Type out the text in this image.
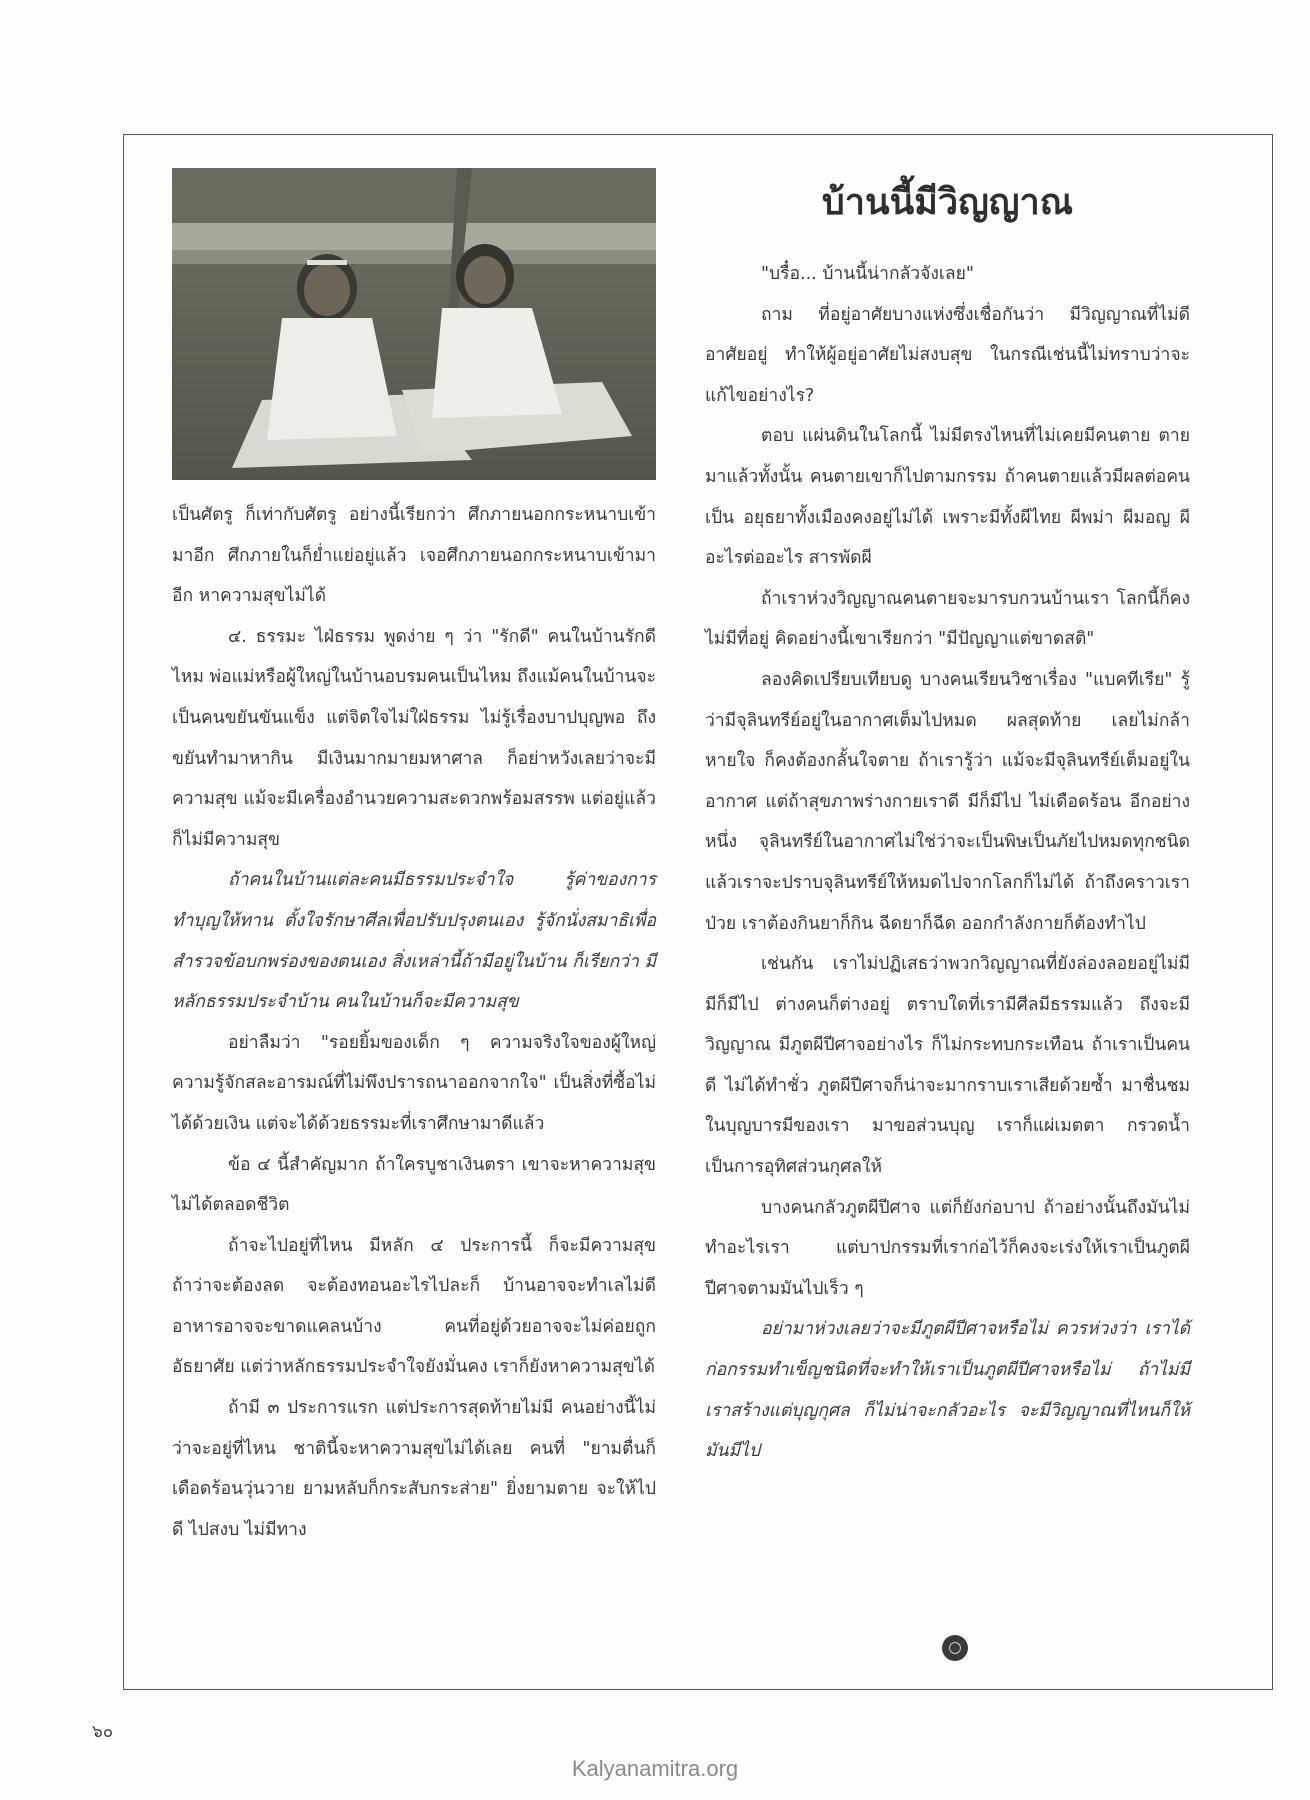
บ้านนี้มีวิญญาณ

เป็นศัตรู ก็เท่ากับศัตรู อย่างนี้เรียกว่า ศึกภายนอกกระหนาบเข้ามาอีก ศึกภายในก็ย่ำแย่อยู่แล้ว เจอศึกภายนอกกระหนาบเข้ามาอีก หาความสุขไม่ได้

๔. ธรรมะ ไฝ่ธรรม พูดง่าย ๆ ว่า "รักดี" คนในบ้านรักดีไหม พ่อแม่หรือผู้ใหญ่ในบ้านอบรมคนเป็นไหม ถึงแม้คนในบ้านจะเป็นคนขยันขันแข็ง แต่จิตใจไม่ใฝ่ธรรม ไม่รู้เรื่องบาปบุญพอ ถึงขยันทำมาหากิน มีเงินมากมายมหาศาล ก็อย่าหวังเลยว่าจะมีความสุข แม้จะมีเครื่องอำนวยความสะดวกพร้อมสรรพ แต่อยู่แล้วก็ไม่มีความสุข

ถ้าคนในบ้านแต่ละคนมีธรรมประจำใจ รู้ค่าของการทำบุญให้ทาน ตั้งใจรักษาศีลเพื่อปรับปรุงตนเอง รู้จักนั่งสมาธิเพื่อสำรวจข้อบกพร่องของตนเอง สิ่งเหล่านี้ถ้ามีอยู่ในบ้าน ก็เรียกว่า มีหลักธรรมประจำบ้าน คนในบ้านก็จะมีความสุข

อย่าลืมว่า "รอยยิ้มของเด็ก ๆ ความจริงใจของผู้ใหญ่ ความรู้จักสละอารมณ์ที่ไม่พึงปรารถนาออกจากใจ" เป็นสิ่งที่ซื้อไม่ได้ด้วยเงิน แต่จะได้ด้วยธรรมะที่เราศึกษามาดีแล้ว

ข้อ ๔ นี้สำคัญมาก ถ้าใครบูชาเงินตรา เขาจะหาความสุขไม่ได้ตลอดชีวิต

ถ้าจะไปอยู่ที่ไหน มีหลัก ๔ ประการนี้ ก็จะมีความสุข ถ้าว่าจะต้องลด จะต้องทอนอะไรไปละก็ บ้านอาจจะทำเลไม่ดี อาหารอาจจะขาดแคลนบ้าง คนที่อยู่ด้วยอาจจะไม่ค่อยถูกอัธยาศัย แต่ว่าหลักธรรมประจำใจยังมั่นคง เราก็ยังหาความสุขได้

ถ้ามี ๓ ประการแรก แต่ประการสุดท้ายไม่มี คนอย่างนี้ไม่ว่าจะอยู่ที่ไหน ชาตินี้จะหาความสุขไม่ได้เลย คนที่ "ยามตื่นก็เดือดร้อนวุ่นวาย ยามหลับก็กระสับกระส่าย" ยิ่งยามตาย จะให้ไปดี ไปสงบ ไม่มีทาง

"บรื๋อ... บ้านนี้น่ากลัวจังเลย"

ถาม ที่อยู่อาศัยบางแห่งซึ่งเชื่อกันว่า มีวิญญาณที่ไม่ดีอาศัยอยู่ ทำให้ผู้อยู่อาศัยไม่สงบสุข ในกรณีเช่นนี้ไม่ทราบว่าจะแก้ไขอย่างไร?

ตอบ แผ่นดินในโลกนี้ ไม่มีตรงไหนที่ไม่เคยมีคนตาย ตายมาแล้วทั้งนั้น คนตายเขาก็ไปตามกรรม ถ้าคนตายแล้วมีผลต่อคนเป็น อยุธยาทั้งเมืองคงอยู่ไม่ได้ เพราะมีทั้งผีไทย ผีพม่า ผีมอญ ผีอะไรต่ออะไร สารพัดผี

ถ้าเราห่วงวิญญาณคนตายจะมารบกวนบ้านเรา โลกนี้ก็คงไม่มีที่อยู่ คิดอย่างนี้เขาเรียกว่า "มีปัญญาแต่ขาดสติ"

ลองคิดเปรียบเทียบดู บางคนเรียนวิชาเรื่อง "แบคทีเรีย" รู้ว่ามีจุลินทรีย์อยู่ในอากาศเต็มไปหมด ผลสุดท้าย เลยไม่กล้าหายใจ ก็คงต้องกลั้นใจตาย ถ้าเรารู้ว่า แม้จะมีจุลินทรีย์เต็มอยู่ในอากาศ แต่ถ้าสุขภาพร่างกายเราดี มีก็มีไป ไม่เดือดร้อน อีกอย่างหนึ่ง จุลินทรีย์ในอากาศไม่ใช่ว่าจะเป็นพิษเป็นภัยไปหมดทุกชนิด แล้วเราจะปราบจุลินทรีย์ให้หมดไปจากโลกก็ไม่ได้ ถ้าถึงคราวเราป่วย เราต้องกินยาก็กิน ฉีดยาก็ฉีด ออกกำลังกายก็ต้องทำไป

เช่นกัน เราไม่ปฏิเสธว่าพวกวิญญาณที่ยังล่องลอยอยู่ไม่มี มีก็มีไป ต่างคนก็ต่างอยู่ ตราบใดที่เรามีศีลมีธรรมแล้ว ถึงจะมีวิญญาณ มีภูตผีปีศาจอย่างไร ก็ไม่กระทบกระเทือน ถ้าเราเป็นคนดี ไม่ได้ทำชั่ว ภูตผีปีศาจก็น่าจะมากราบเราเสียด้วยซ้ำ มาชื่นชมในบุญบารมีของเรา มาขอส่วนบุญ เราก็แผ่เมตตา กรวดน้ำ เป็นการอุทิศส่วนกุศลให้

บางคนกลัวภูตผีปีศาจ แต่ก็ยังก่อบาป ถ้าอย่างนั้นถึงมันไม่ทำอะไรเรา แต่บาปกรรมที่เราก่อไว้ก็คงจะเร่งให้เราเป็นภูตผีปีศาจตามมันไปเร็ว ๆ

อย่ามาห่วงเลยว่าจะมีภูตผีปีศาจหรือไม่ ควรห่วงว่า เราได้ก่อกรรมทำเข็ญชนิดที่จะทำให้เราเป็นภูตผีปีศาจหรือไม่ ถ้าไม่มี เราสร้างแต่บุญกุศล ก็ไม่น่าจะกลัวอะไร จะมีวิญญาณที่ไหนก็ให้มันมีไป

๖๐
Kalyanamitra.org
